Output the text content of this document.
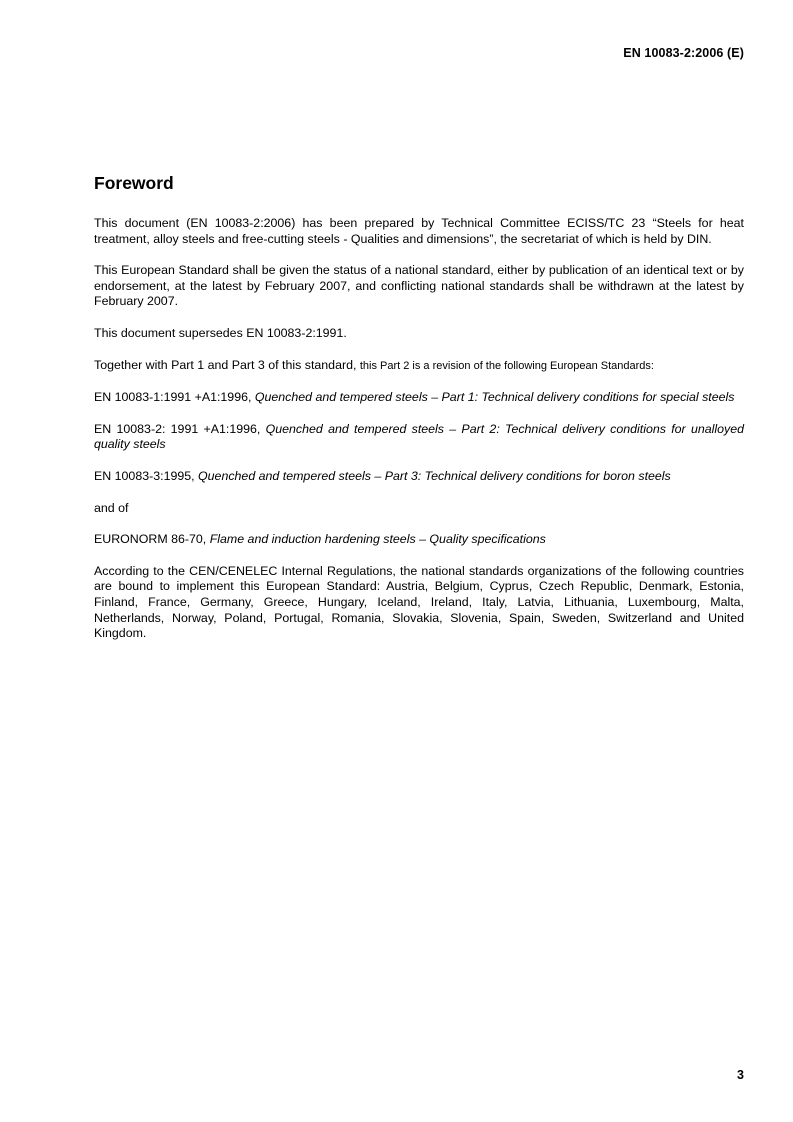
EN 10083-2:2006 (E)
Foreword

This document (EN 10083-2:2006) has been prepared by Technical Committee ECISS/TC 23 “Steels for heat treatment, alloy steels and free-cutting steels - Qualities and dimensions”, the secretariat of which is held by DIN.

This European Standard shall be given the status of a national standard, either by publication of an identical text or by endorsement, at the latest by February 2007, and conflicting national standards shall be withdrawn at the latest by February 2007.

This document supersedes EN 10083-2:1991.

Together with Part 1 and Part 3 of this standard, this Part 2 is a revision of the following European Standards:

EN 10083-1:1991 +A1:1996, Quenched and tempered steels – Part 1: Technical delivery conditions for special steels

EN 10083-2: 1991 +A1:1996, Quenched and tempered steels – Part 2: Technical delivery conditions for unalloyed quality steels

EN 10083-3:1995, Quenched and tempered steels – Part 3: Technical delivery conditions for boron steels

and of

EURONORM 86-70, Flame and induction hardening steels – Quality specifications

According to the CEN/CENELEC Internal Regulations, the national standards organizations of the following countries are bound to implement this European Standard: Austria, Belgium, Cyprus, Czech Republic, Denmark, Estonia, Finland, France, Germany, Greece, Hungary, Iceland, Ireland, Italy, Latvia, Lithuania, Luxembourg, Malta, Netherlands, Norway, Poland, Portugal, Romania, Slovakia, Slovenia, Spain, Sweden, Switzerland and United Kingdom.

3
